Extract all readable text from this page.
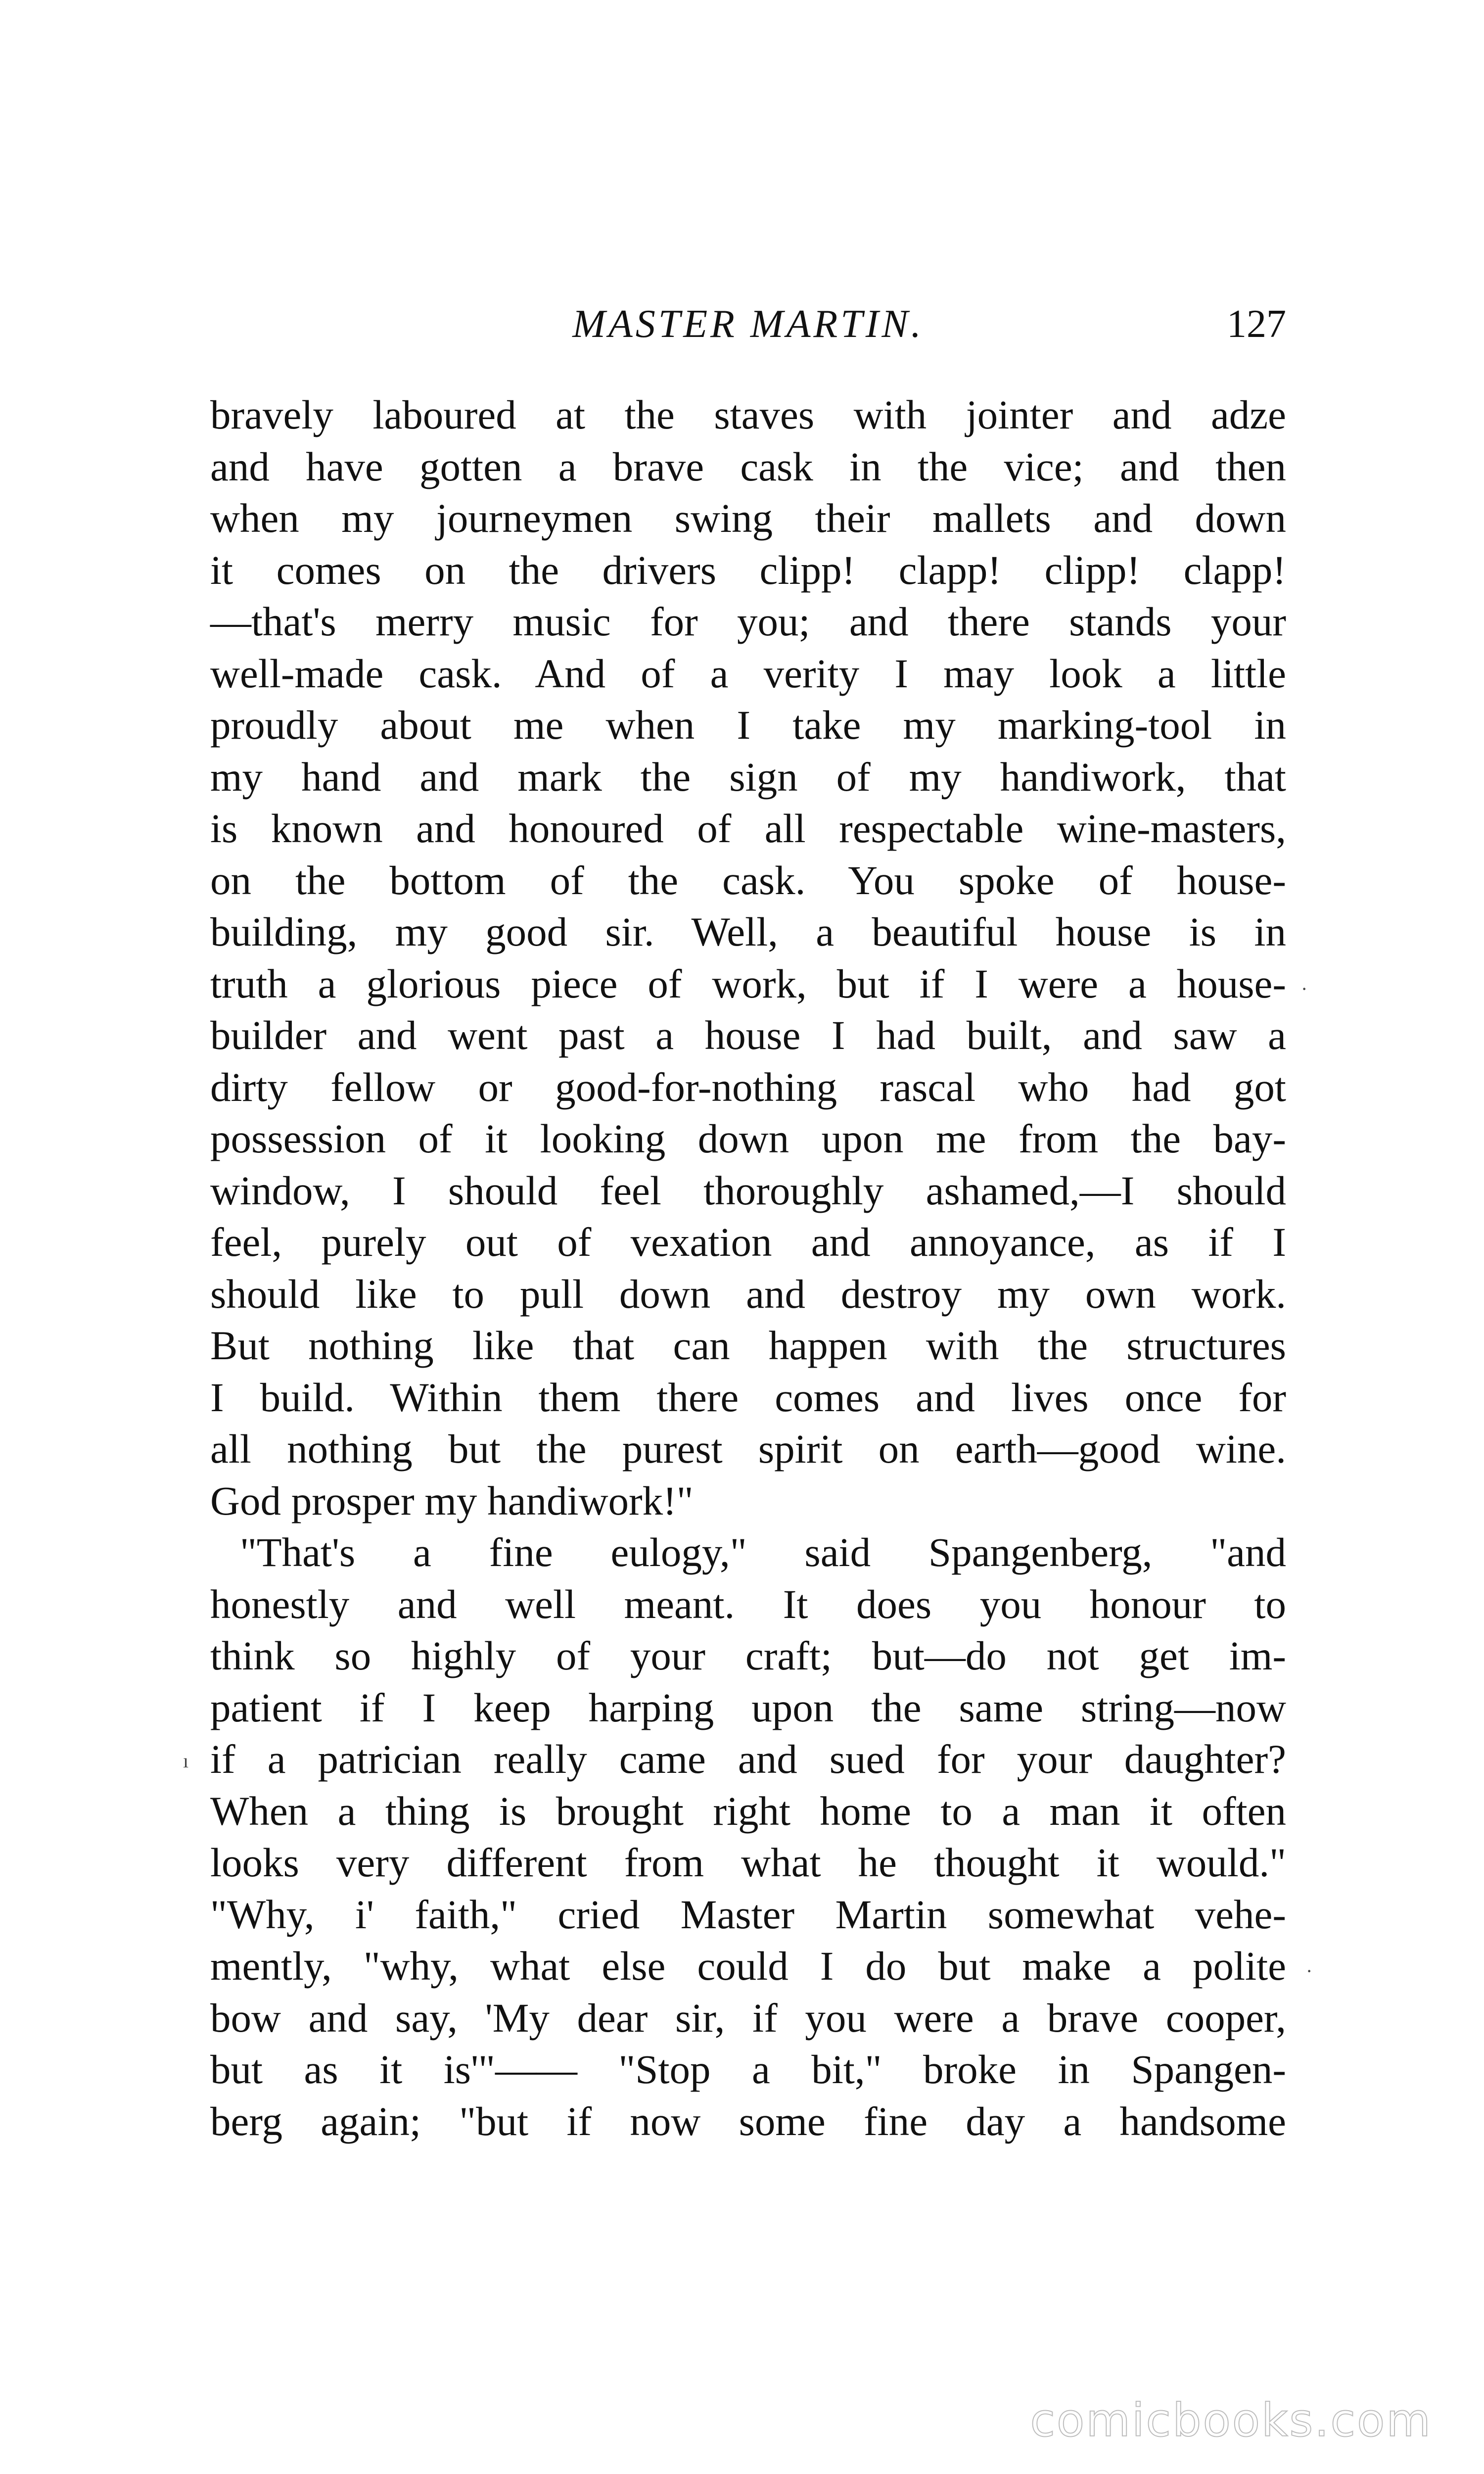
MASTER MARTIN.	127
bravely laboured at the staves with jointer and adze
and have gotten a brave cask in the vice; and then
when my journeymen swing their mallets and down
it comes on the drivers clipp! clapp! clipp! clapp!
—that's merry music for you; and there stands your
well-made cask. And of a verity I may look a little
proudly about me when I take my marking-tool in
my hand and mark the sign of my handiwork, that
is known and honoured of all respectable wine-masters,
on the bottom of the cask. You spoke of house-
building, my good sir. Well, a beautiful house is in
truth a glorious piece of work, but if I were a house-
builder and went past a house I had built, and saw a
dirty fellow or good-for-nothing rascal who had got
possession of it looking down upon me from the bay-
window, I should feel thoroughly ashamed,—I should
feel, purely out of vexation and annoyance, as if I
should like to pull down and destroy my own work.
But nothing like that can happen with the structures
I build. Within them there comes and lives once for
all nothing but the purest spirit on earth—good wine.
God prosper my handiwork!"
"That's a fine eulogy," said Spangenberg, "and
honestly and well meant. It does you honour to
think so highly of your craft; but—do not get im-
patient if I keep harping upon the same string—now
if a patrician really came and sued for your daughter?
When a thing is brought right home to a man it often
looks very different from what he thought it would."
"Why, i' faith," cried Master Martin somewhat vehe-
mently, "why, what else could I do but make a polite
bow and say, 'My dear sir, if you were a brave cooper,
but as it is'"—— "Stop a bit," broke in Spangen-
berg again; "but if now some fine day a handsome
·
ı
·
comicbooks.com
